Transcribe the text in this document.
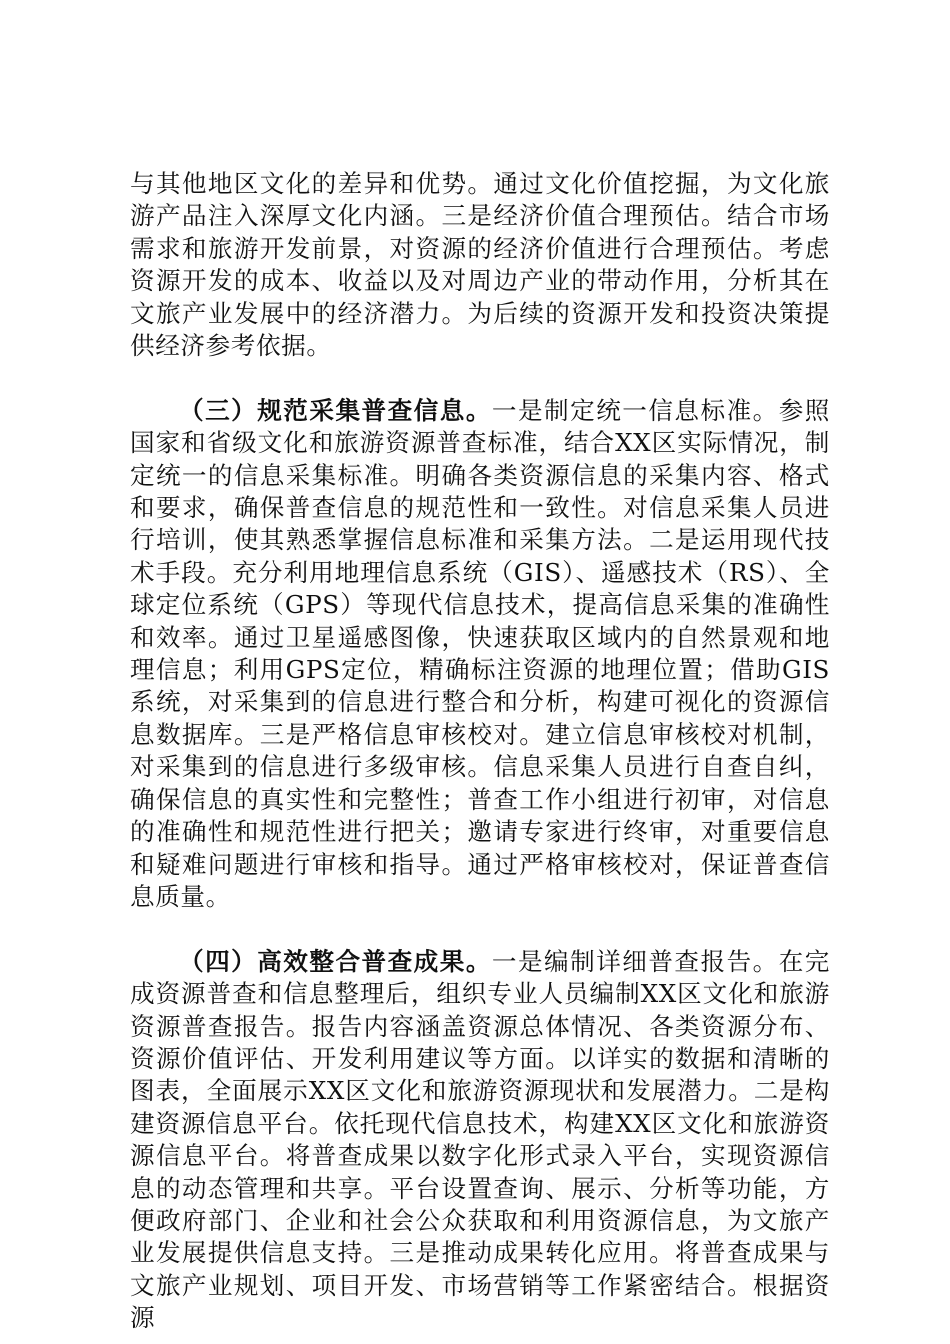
与其他地区文化的差异和优势。通过文化价值挖掘，为文化旅游产品注入深厚文化内涵。三是经济价值合理预估。结合市场需求和旅游开发前景，对资源的经济价值进行合理预估。考虑资源开发的成本、收益以及对周边产业的带动作用，分析其在文旅产业发展中的经济潜力。为后续的资源开发和投资决策提供经济参考依据。

（三）规范采集普查信息。一是制定统一信息标准。参照国家和省级文化和旅游资源普查标准，结合XX区实际情况，制定统一的信息采集标准。明确各类资源信息的采集内容、格式和要求，确保普查信息的规范性和一致性。对信息采集人员进行培训，使其熟悉掌握信息标准和采集方法。二是运用现代技术手段。充分利用地理信息系统（GIS）、遥感技术（RS）、全球定位系统（GPS）等现代信息技术，提高信息采集的准确性和效率。通过卫星遥感图像，快速获取区域内的自然景观和地理信息；利用GPS定位，精确标注资源的地理位置；借助GIS系统，对采集到的信息进行整合和分析，构建可视化的资源信息数据库。三是严格信息审核校对。建立信息审核校对机制，对采集到的信息进行多级审核。信息采集人员进行自查自纠，确保信息的真实性和完整性；普查工作小组进行初审，对信息的准确性和规范性进行把关；邀请专家进行终审，对重要信息和疑难问题进行审核和指导。通过严格审核校对，保证普查信息质量。

（四）高效整合普查成果。一是编制详细普查报告。在完成资源普查和信息整理后，组织专业人员编制XX区文化和旅游资源普查报告。报告内容涵盖资源总体情况、各类资源分布、资源价值评估、开发利用建议等方面。以详实的数据和清晰的图表，全面展示XX区文化和旅游资源现状和发展潜力。二是构建资源信息平台。依托现代信息技术，构建XX区文化和旅游资源信息平台。将普查成果以数字化形式录入平台，实现资源信息的动态管理和共享。平台设置查询、展示、分析等功能，方便政府部门、企业和社会公众获取和利用资源信息，为文旅产业发展提供信息支持。三是推动成果转化应用。将普查成果与文旅产业规划、项目开发、市场营销等工作紧密结合。根据资源
